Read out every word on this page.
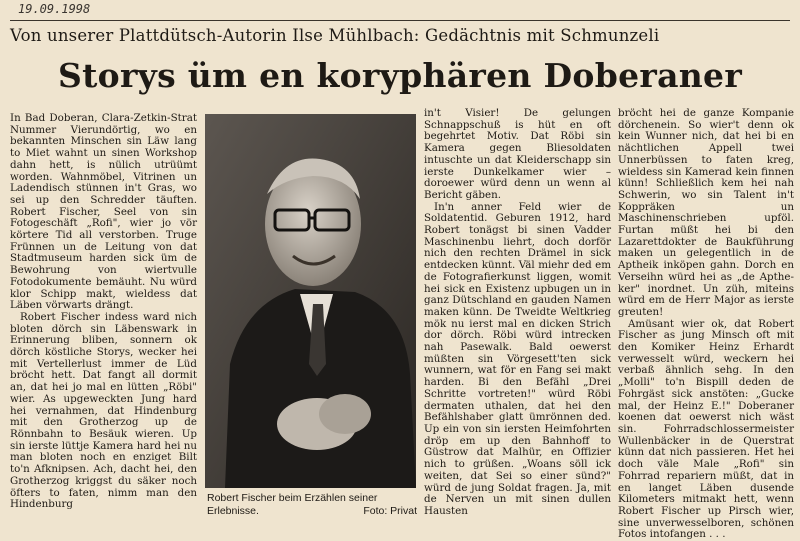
19.09.1998
Von unserer Plattdütsch-Autorin Ilse Mühlbach: Gedächtnis mit Schmunzeli
Storys üm en koryphären Doberaner

In Bad Doberan, Clara-Zetkin-Strat Nummer Vierundörtig, wo en bekannten Minschen sin Läw lang to Miet wahnt un sinen Workshop dahn hett, is nülich utrüümt worden. Wahnmöbel, Vitrinen un Ladendisch stünnen in't Gras, wo sei up den Schredder täuften. Robert Fischer, Seel von sin Fotogeschäft „Rofi", wier jo vör körtere Tid all verstorben. Truge Frünnen un de Leitung von dat Stadtmuseum harden sick üm de Bewohrung von wiertvulle Fotodokumente bemäuht. Nu würd klor Schipp makt, wieldess dat Läben vörwarts drängt.

Robert Fischer indess ward nich bloten dörch sin Läbenswark in Erinnerung bliben, sonnern ok dörch köstliche Storys, wecker hei mit Vertellerlust immer de Lüd bröcht hett. Dat fangt all dormit an, dat hei jo mal en lütten „Röbi" wier. As upgeweckten Jung hard hei vernahmen, dat Hindenburg mit den Grotherzog up de Rönnbahn to Besäuk wieren. Up sin ierste lüttje Kamera hard hei nu man bloten noch en enziget Bilt to'n Afknipsen. Ach, dacht hei, den Grotherzog kriggst du säker noch öfters to faten, nimm man den Hindenburg

Robert Fischer beim Erzählen seiner Erlebnisse.	Foto: Privat

in't Visier! De gelungen Schnappschuß is hüt en oft begehrtet Motiv. Dat Röbi sin Kamera gegen Bliesoldaten intuschte un dat Kleiderschapp sin ierste Dunkelkamer wier – doroewer würd denn un wenn al Bericht gäben.

In'n anner Feld wier de Soldatentid. Geburen 1912, hard Robert tonägst bi sinen Vadder Maschinenbu liehrt, doch dorför nich den rechten Drämel in sick entdecken künnt. Väl miehr ded em de Fotografierkunst liggen, womit hei sick en Existenz upbugen un in ganz Dütschland en gauden Namen maken künn. De Tweidte Weltkrieg mök nu ierst mal en dicken Strich dor dörch. Röbi würd intrecken nah Pasewalk. Bald oewerst müßten sin Vörgesett'ten sick wunnern, wat för en Fang sei makt harden. Bi den Befähl „Drei Schritte vortreten!" würd Röbi dermaten uthalen, dat hei den Befählshaber glatt ümrönnen ded. Up ein von sin iersten Heimfohrten dröp em up den Bahnhoff to Güstrow dat Malhür, en Offizier nich to grüßen. „Woans söll ick weiten, dat Sei so einer sünd?" würd de jung Soldat fragen. Ja, mit de Nerven un mit sinen dullen Hausten

bröcht hei de ganze Kompanie dörchenein. So wier't denn ok kein Wunner nich, dat hei bi en nächtlichen Appell twei Unnerbüssen to faten kreg, wieldess sin Kamerad kein finnen künn! Schließlich kem hei nah Schwerin, wo sin Talent in't Koppräken un Maschinenschrieben upföl. Furtan müßt hei bi den Lazarettdokter de Baukführung maken un gelegentlich in de Aptheik inköpen gahn. Dorch en Verseihn würd hei as „de Aptheker" inordnet. Un züh, miteins würd em de Herr Major as ierste greuten!

Amüsant wier ok, dat Robert Fischer as jung Minsch oft mit den Komiker Heinz Erhardt verwesselt würd, weckern hei verbaß ähnlich sehg. In den „Molli" to'n Bispill deden de Fohrgäst sick anstöten: „Gucke mal, der Heinz E.!" Doberaner koenen dat oewerst nich wäst sin. Fohrradschlossermeister Wullenbäcker in de Querstrat künn dat nich passieren. Het hei doch väle Male „Rofi" sin Fohrrad repariern müßt, dat in en langet Läben dusende Kilometers mitmakt hett, wenn Robert Fischer up Pirsch wier, sine unverwesselboren, schönen Fotos intofangen . . .
